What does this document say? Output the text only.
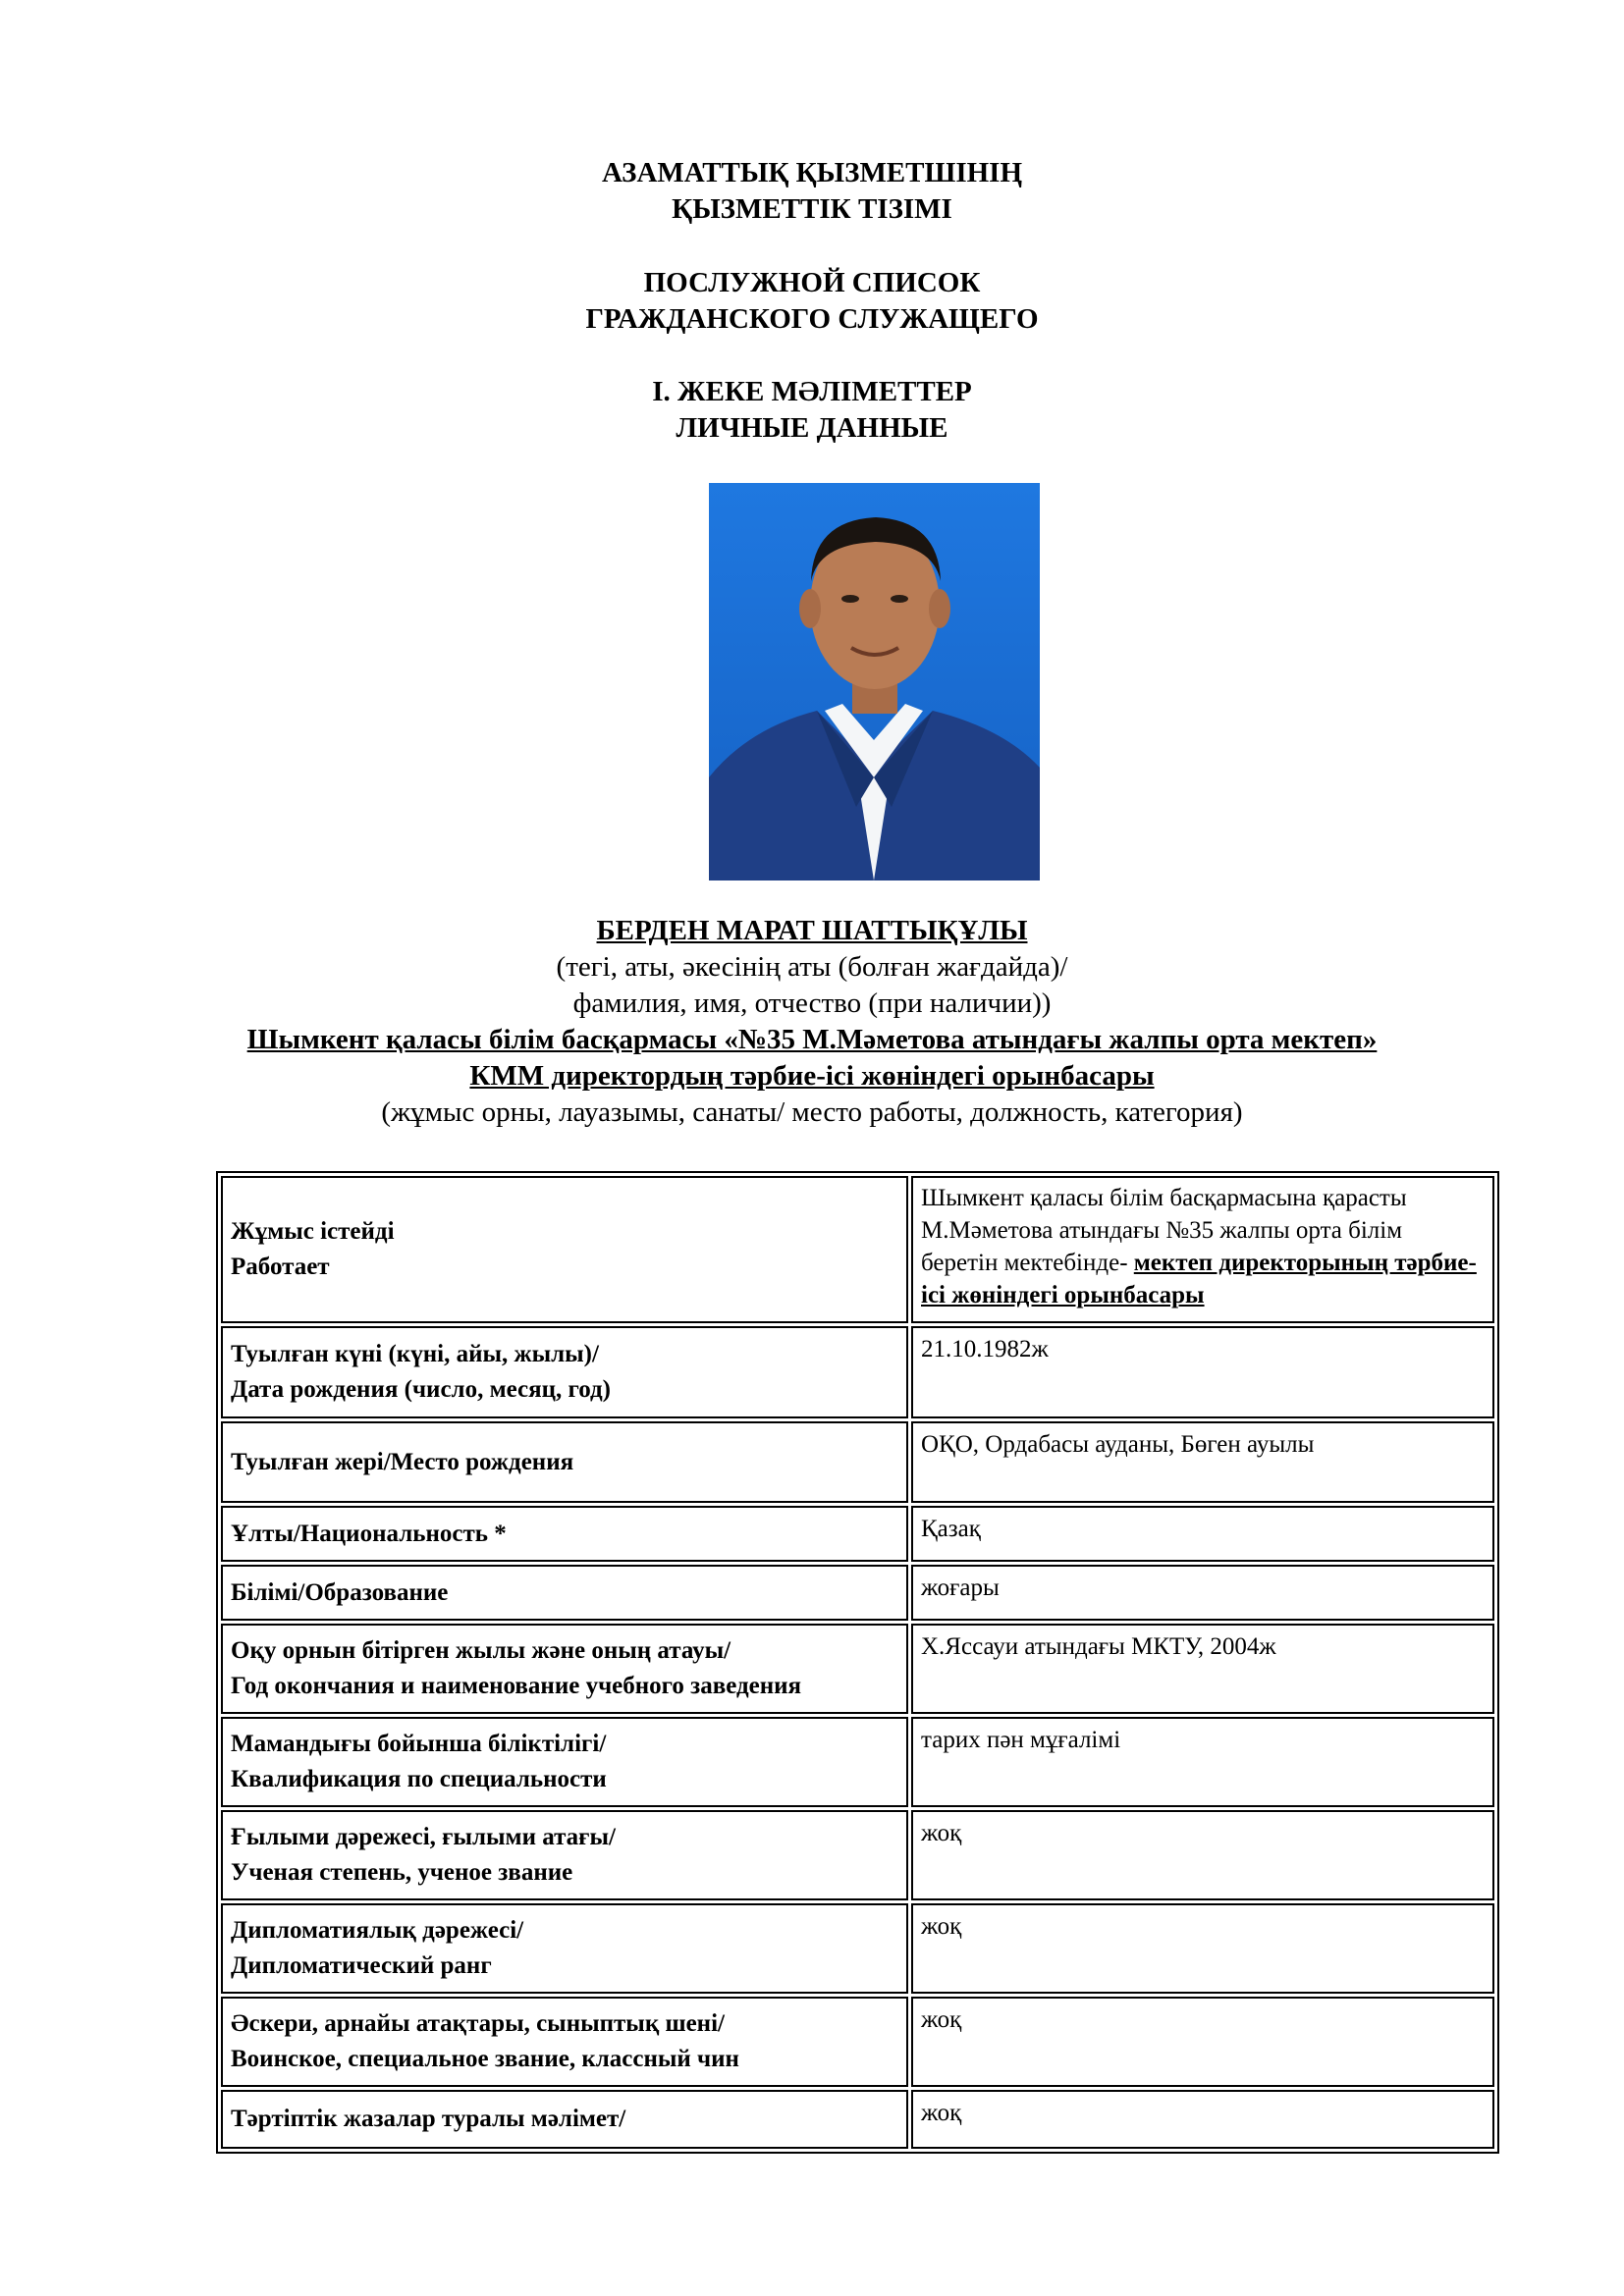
АЗАМАТТЫҚ ҚЫЗМЕТШІНІҢ
ҚЫЗМЕТТІК ТІЗІМІ
ПОСЛУЖНОЙ СПИСОК
ГРАЖДАНСКОГО СЛУЖАЩЕГО
I. ЖЕКЕ МӘЛІМЕТТЕР
ЛИЧНЫЕ ДАННЫЕ
БЕРДЕН МАРАТ ШАТТЫҚҰЛЫ
(тегі, аты, әкесінің аты (болған жағдайда)/
фамилия, имя, отчество (при наличии))
Шымкент қаласы білім басқармасы «№35 М.Мәметова атындағы жалпы орта мектеп»
КММ директордың тәрбие-ісі жөніндегі орынбасары
(жұмыс орны, лауазымы, санаты/ место работы, должность, категория)
Жұмыс істейді
Работает	Шымкент қаласы білім басқармасына қарасты М.Мәметова атындағы №35 жалпы орта білім беретін мектебінде- мектеп директорының тәрбие-ісі жөніндегі орынбасары

Туылған күні (күні, айы, жылы)/
Дата рождения (число, месяц, год)	21.10.1982ж

Туылған жері/Место рождения	ОҚО, Ордабасы ауданы, Бөген ауылы

Ұлты/Национальность *	Қазақ

Білімі/Образование	жоғары

Оқу орнын бітірген жылы және оның атауы/
Год окончания и наименование учебного заведения	Х.Яссауи атындағы МКТУ, 2004ж

Мамандығы бойынша біліктілігі/
Квалификация по специальности	тарих пән мұғалімі

Ғылыми дәрежесі, ғылыми атағы/
Ученая степень, ученое звание	жоқ

Дипломатиялық дәрежесі/
Дипломатический ранг	жоқ

Әскери, арнайы атақтары, сыныптық шені/
Воинское, специальное звание, классный чин	жоқ

Тәртіптік жазалар туралы мәлімет/	жоқ
